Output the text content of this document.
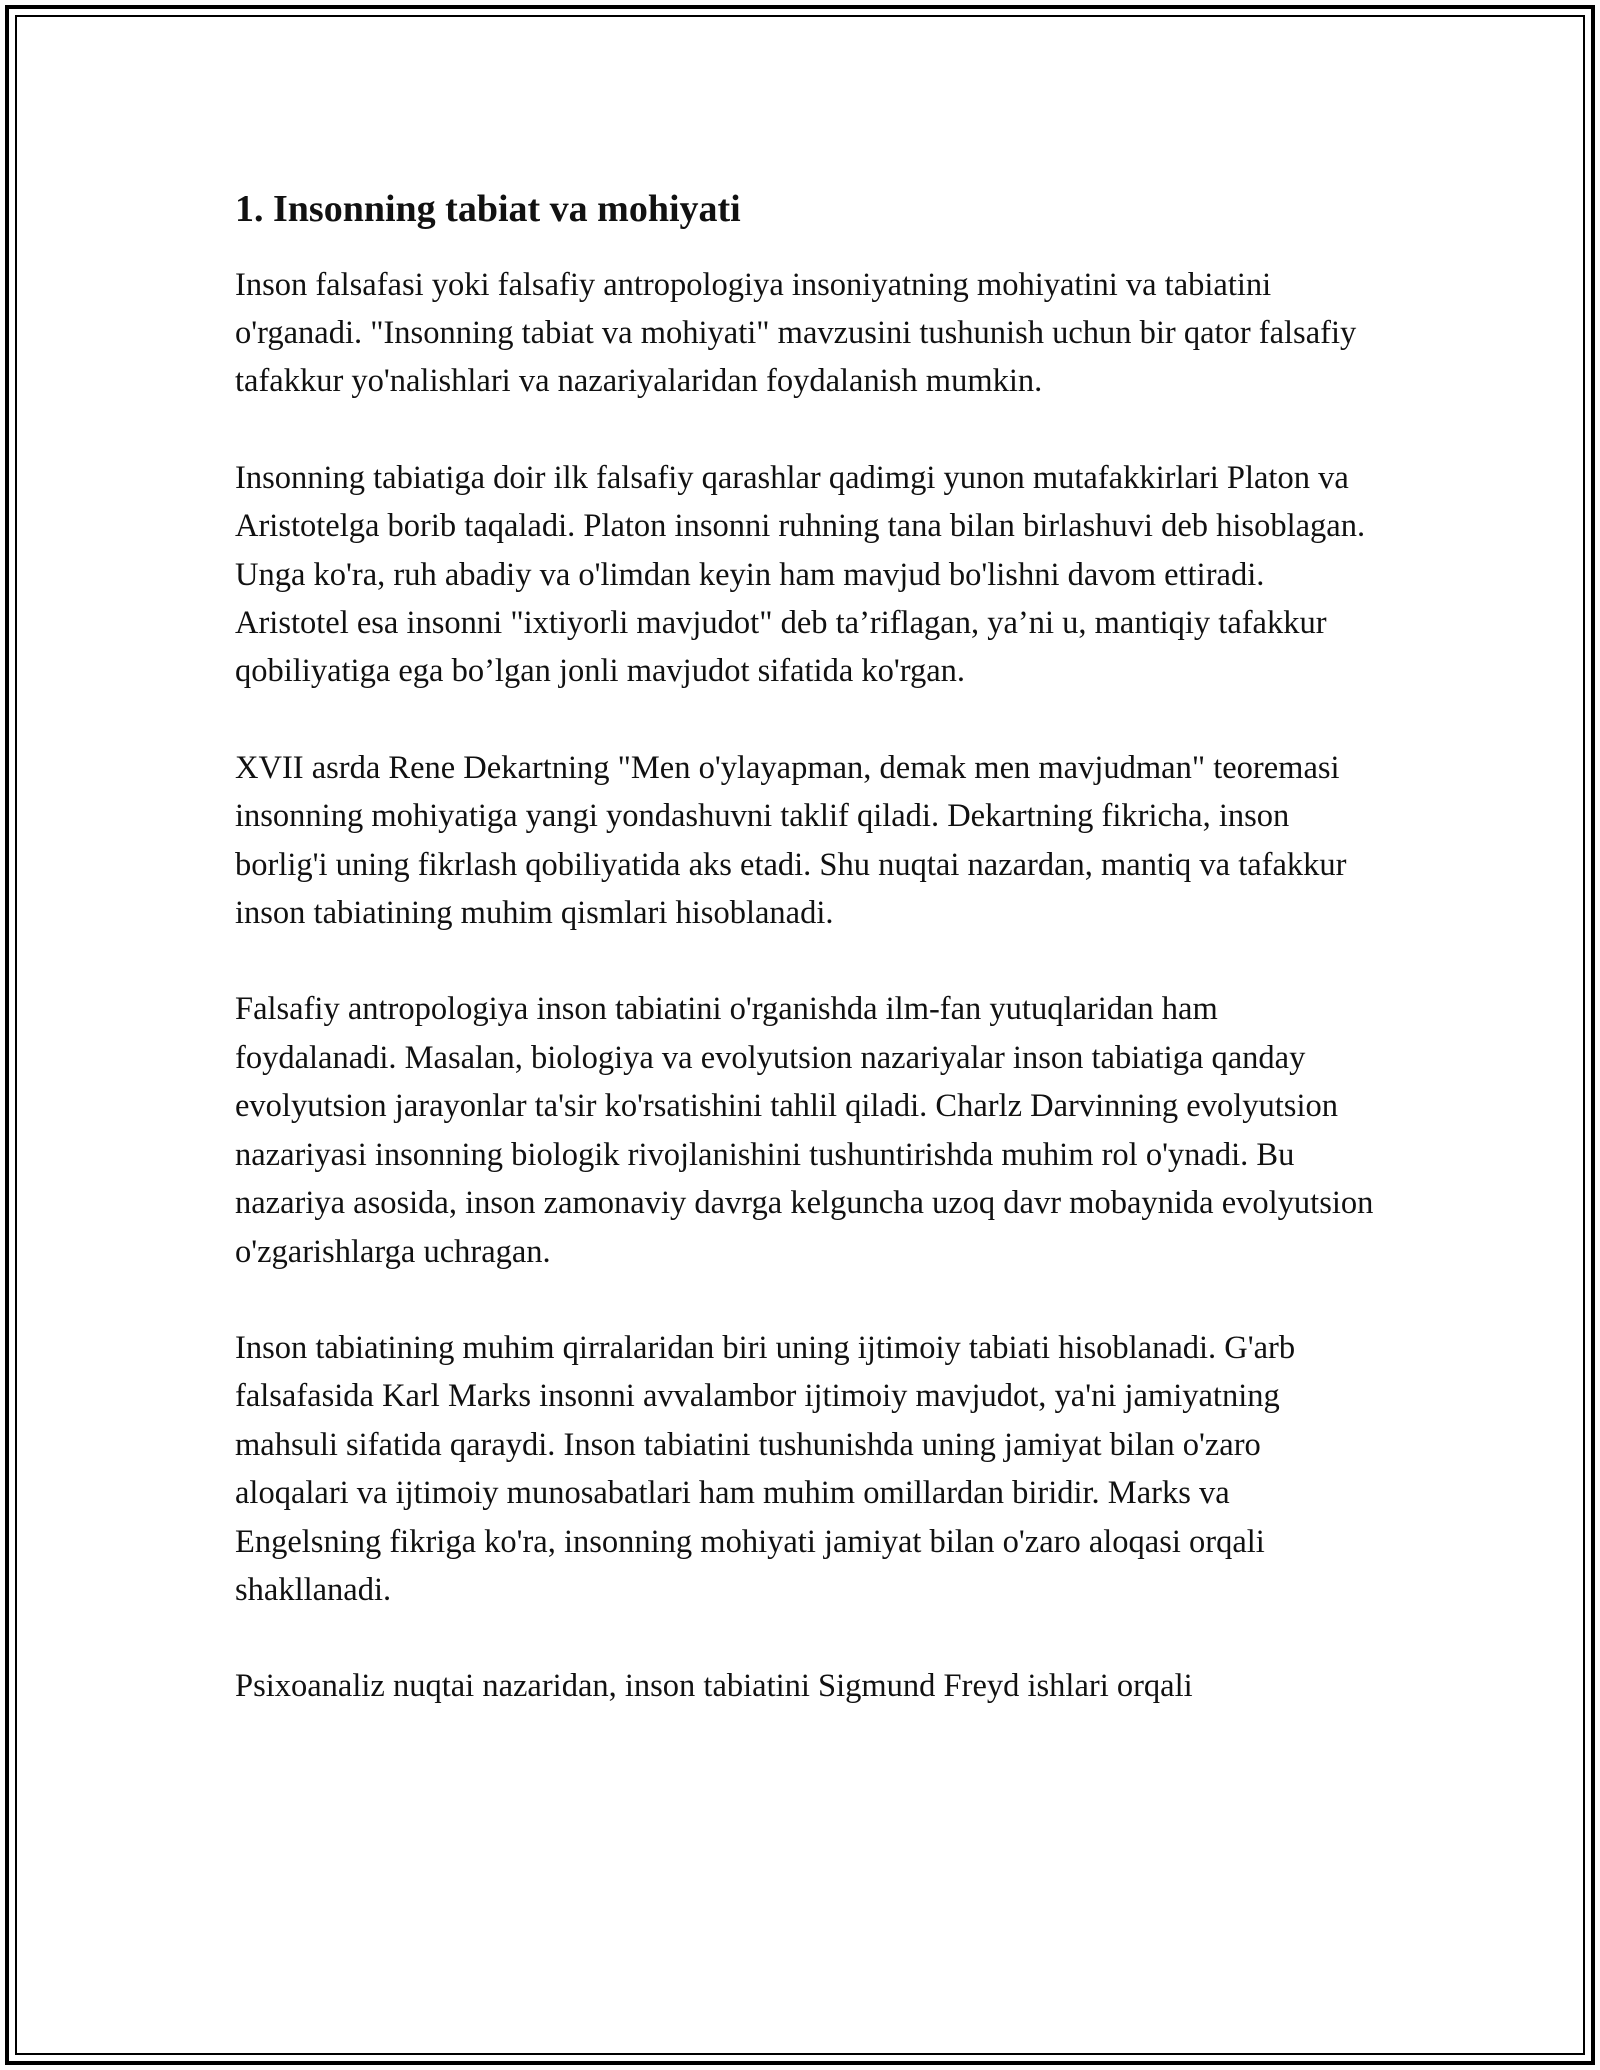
1. Insonning tabiat va mohiyati

Inson falsafasi yoki falsafiy antropologiya insoniyatning mohiyatini va tabiatini o'rganadi. "Insonning tabiat va mohiyati" mavzusini tushunish uchun bir qator falsafiy tafakkur yo'nalishlari va nazariyalaridan foydalanish mumkin.

Insonning tabiatiga doir ilk falsafiy qarashlar qadimgi yunon mutafakkirlari Platon va Aristotelga borib taqaladi. Platon insonni ruhning tana bilan birlashuvi deb hisoblagan. Unga ko'ra, ruh abadiy va o'limdan keyin ham mavjud bo'lishni davom ettiradi. Aristotel esa insonni "ixtiyorli mavjudot" deb ta’riflagan, ya’ni u, mantiqiy tafakkur qobiliyatiga ega bo’lgan jonli mavjudot sifatida ko'rgan.

XVII asrda Rene Dekartning "Men o'ylayapman, demak men mavjudman" teoremasi insonning mohiyatiga yangi yondashuvni taklif qiladi. Dekartning fikricha, inson borlig'i uning fikrlash qobiliyatida aks etadi. Shu nuqtai nazardan, mantiq va tafakkur inson tabiatining muhim qismlari hisoblanadi.

Falsafiy antropologiya inson tabiatini o'rganishda ilm-fan yutuqlaridan ham foydalanadi. Masalan, biologiya va evolyutsion nazariyalar inson tabiatiga qanday evolyutsion jarayonlar ta'sir ko'rsatishini tahlil qiladi. Charlz Darvinning evolyutsion nazariyasi insonning biologik rivojlanishini tushuntirishda muhim rol o'ynadi. Bu nazariya asosida, inson zamonaviy davrga kelguncha uzoq davr mobaynida evolyutsion o'zgarishlarga uchragan.

Inson tabiatining muhim qirralaridan biri uning ijtimoiy tabiati hisoblanadi. G'arb falsafasida Karl Marks insonni avvalambor ijtimoiy mavjudot, ya'ni jamiyatning mahsuli sifatida qaraydi. Inson tabiatini tushunishda uning jamiyat bilan o'zaro aloqalari va ijtimoiy munosabatlari ham muhim omillardan biridir. Marks va Engelsning fikriga ko'ra, insonning mohiyati jamiyat bilan o'zaro aloqasi orqali shakllanadi.

Psixoanaliz nuqtai nazaridan, inson tabiatini Sigmund Freyd ishlari orqali
